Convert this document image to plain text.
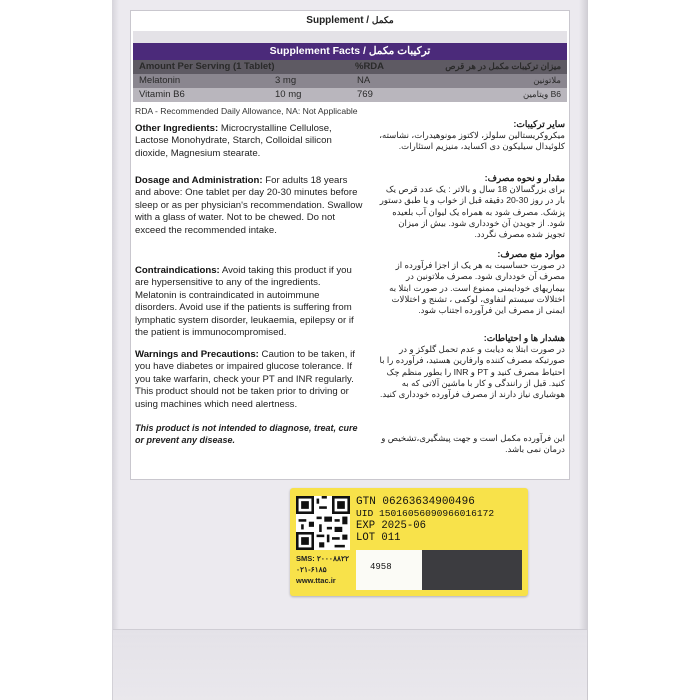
Supplement / مکمل
Supplement Facts / ترکیبات مکمل
Amount Per Serving (1 Tablet)	%RDA	میزان ترکیبات مکمل در هر قرص
Melatonin	3 mg	NA	ملاتونین
Vitamin B6	10 mg	769	ویتامین B6
RDA - Recommended Daily Allowance, NA: Not Applicable
Other Ingredients: Microcrystalline Cellulose, Lactose Monohydrate, Starch, Colloidal silicon dioxide, Magnesium stearate.
Dosage and Administration: For adults 18 years and above: One tablet per day 20-30 minutes before sleep or as per physician's recommendation. Swallow with a glass of water. Not to be chewed. Do not exceed the recommended intake.
Contraindications: Avoid taking this product if you are hypersensitive to any of the ingredients. Melatonin is contraindicated in autoimmune disorders. Avoid use if the patients is suffering from lymphatic system disorder, leukaemia, epilepsy or if the patient is immunocompromised.
Warnings and Precautions: Caution to be taken, if you have diabetes or impaired glucose tolerance. If you take warfarin, check your PT and INR regularly. This product should not be taken prior to driving or using machines which need alertness.
This product is not intended to diagnose, treat, cure or prevent any disease.
سایر ترکیبات:
میکروکریستالین سلولز، لاکتوز مونوهیدرات، نشاسته، کلوئیدال سیلیکون دی اکساید، منیزیم استئارات.
مقدار و نحوه مصرف:
برای بزرگسالان 18 سال و بالاتر : یک عدد قرص یک بار در روز 30-20 دقیقه قبل از خواب و یا طبق دستور پزشک. مصرف شود به همراه یک لیوان آب بلعیده شود. از جویدن آن خودداری شود. بیش از میزان تجویز شده مصرف نگردد.
موارد منع مصرف:
در صورت حساسیت به هر یک از اجزا فرآورده از مصرف آن خودداری شود. مصرف ملاتونین در بیماریهای خودایمنی ممنوع است. در صورت ابتلا به اختلالات سیستم لنفاوی، لوکمی ، تشنج و اختلالات ایمنی از مصرف این فرآورده اجتناب شود.
هشدار ها و احتیاطات:
در صورت ابتلا به دیابت و عدم تحمل گلوکز و در صورتیکه مصرف کننده وارفارین هستید، فرآورده را با احتیاط مصرف کنید و PT و INR را بطور منظم چک کنید. قبل از رانندگی و کار با ماشین آلاتی که به هوشیاری نیاز دارند از مصرف فرآورده خودداری کنید.
این فرآورده مکمل است و جهت پیشگیری،تشخیص و درمان نمی باشد.
GTN 06263634900496
UID 15016056090966016172
EXP 2025-06
LOT 011
SMS: ۲۰۰۰۸۸۲۲
۰۲۱-۶۱۸۵
www.ttac.ir
4958
